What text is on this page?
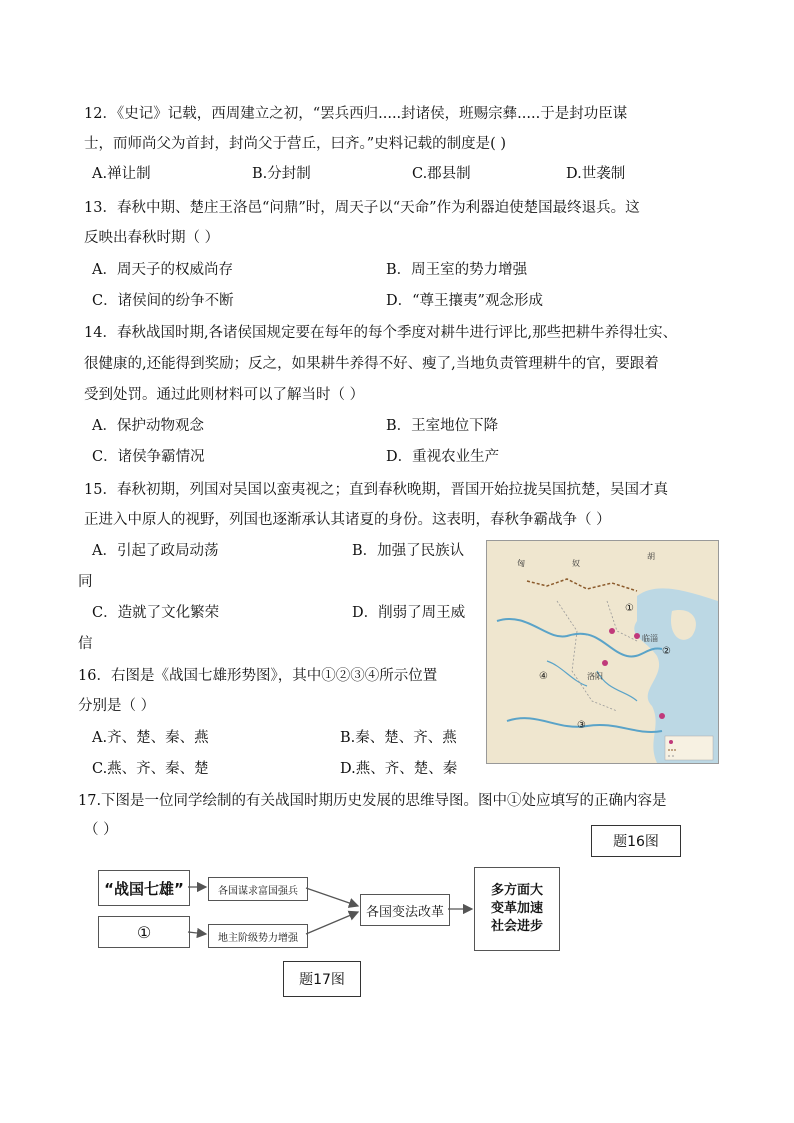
12．《史记》记载，西周建立之初，“罢兵西归.....封诸侯，班赐宗彝.....于是封功臣谋
士，而师尚父为首封，封尚父于营丘，曰齐。”史料记载的制度是( )
A.禅让制	B.分封制	C.郡县制	D.世袭制
13．春秋中期、楚庄王洛邑“问鼎”时，周天子以“天命”作为利器迫使楚国最终退兵。这
反映出春秋时期（ ）
A．周天子的权威尚存	B．周王室的势力增强
C．诸侯间的纷争不断	D．“尊王攘夷”观念形成
14．春秋战国时期,各诸侯国规定要在每年的每个季度对耕牛进行评比,那些把耕牛养得壮实、
很健康的,还能得到奖励；反之，如果耕牛养得不好、瘦了,当地负责管理耕牛的官，要跟着
受到处罚。通过此则材料可以了解当时（ ）
A．保护动物观念	B．王室地位下降
C．诸侯争霸情况	D．重视农业生产
15．春秋初期，列国对吴国以蛮夷视之；直到春秋晚期，晋国开始拉拢吴国抗楚，吴国才真
正进入中原人的视野，列国也逐渐承认其诸夏的身份。这表明，春秋争霸战争（ ）
A．引起了政局动荡	B．加强了民族认
同
C．造就了文化繁荣	D．削弱了周王威
信
16．右图是《战国七雄形势图》，其中①②③④所示位置
分别是（ ）
A.齐、楚、秦、燕	B.秦、楚、齐、燕
C.燕、齐、秦、楚	D.燕、齐、楚、秦
匈	奴
胡
洛阳
临淄
①
②
③
④
17.下图是一位同学绘制的有关战国时期历史发展的思维导图。图中①处应填写的正确内容是
（ ）
题16图
“战国七雄”
①
各国谋求富国强兵
地主阶级势力增强
各国变法改革
多方面大
变革加速
社会进步
题17图
